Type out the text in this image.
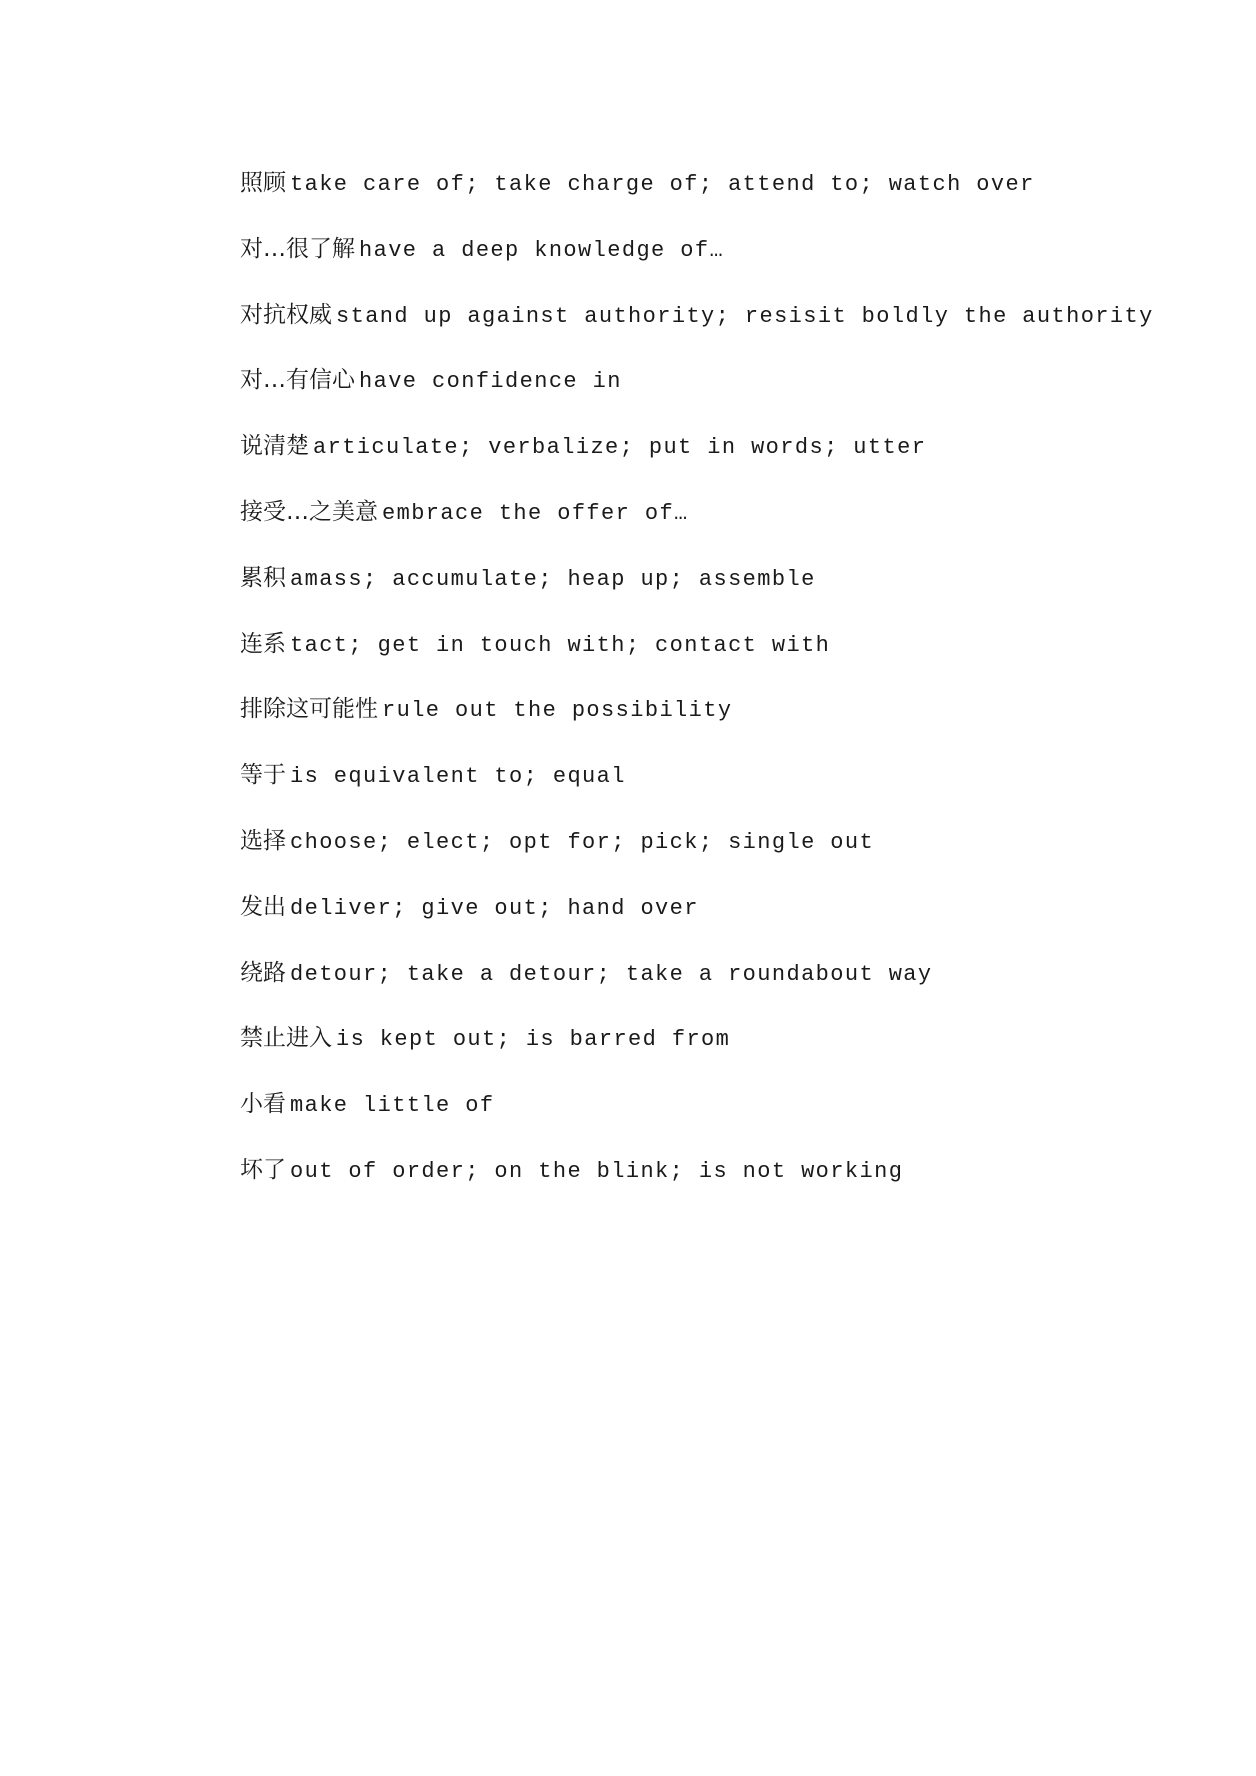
照顾 take care of; take charge of; attend to; watch over
对…很了解 have a deep knowledge of…
对抗权威 stand up against authority; resisit boldly the authority
对…有信心 have confidence in
说清楚 articulate; verbalize; put in words; utter
接受…之美意 embrace the offer of…
累积 amass; accumulate; heap up; assemble
连系 tact; get in touch with; contact with
排除这可能性 rule out the possibility
等于 is equivalent to; equal
选择 choose; elect; opt for; pick; single out
发出 deliver; give out; hand over
绕路 detour; take a detour; take a roundabout way
禁止进入 is kept out; is barred from
小看 make little of
坏了 out of order; on the blink; is not working
